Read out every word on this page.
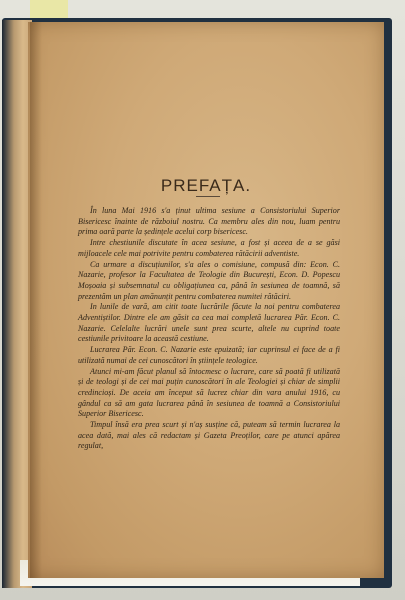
PREFAȚA.

În luna Mai 1916 s'a ținut ultima sesiune a Consistoriului Superior Bisericesc înainte de războiul nostru. Ca membru ales din nou, luam pentru prima oară parte la ședințele acelui corp bisericesc.

Intre chestiunile discutate în acea sesiune, a fost și aceea de a se găsi mijloacele cele mai potrivite pentru combaterea rătăcirii adventiste.

Ca urmare a discuțiunilor, s'a ales o comisiune, compusă din: Econ. C. Nazarie, profesor la Facultatea de Teologie din București, Econ. D. Popescu Moșoaia și subsemnatul cu obligațiunea ca, până în sesiunea de toamnă, să prezentăm un plan amănunțit pentru combaterea numitei rătăciri.

In lunile de vară, am citit toate lucrările făcute la noi pentru combaterea Adventiștilor. Dintre ele am găsit ca cea mai completă lucrarea Păr. Econ. C. Nazarie. Celelalte lucrări unele sunt prea scurte, altele nu cuprind toate cestiunile privitoare la această cestiune.

Lucrarea Păr. Econ. C. Nazarie este epuizată; iar cuprinsul ei face de a fi utilizată numai de cei cunoscători în științele teologice.

Atunci mi-am făcut planul să întocmesc o lucrare, care să poată fi utilizată și de teologi și de cei mai puțin cunoscători în ale Teologiei și chiar de simplii credincioși. De aceia am început să lucrez chiar din vara anului 1916, cu gândul ca să am gata lucrarea până în sesiunea de toamnă a Consistoriului Superior Bisericesc.

Timpul însă era prea scurt și n'aș susține că, puteam să termin lucrarea la acea dată, mai ales că redactam și Gazeta Preoților, care pe atunci apărea regulat,
